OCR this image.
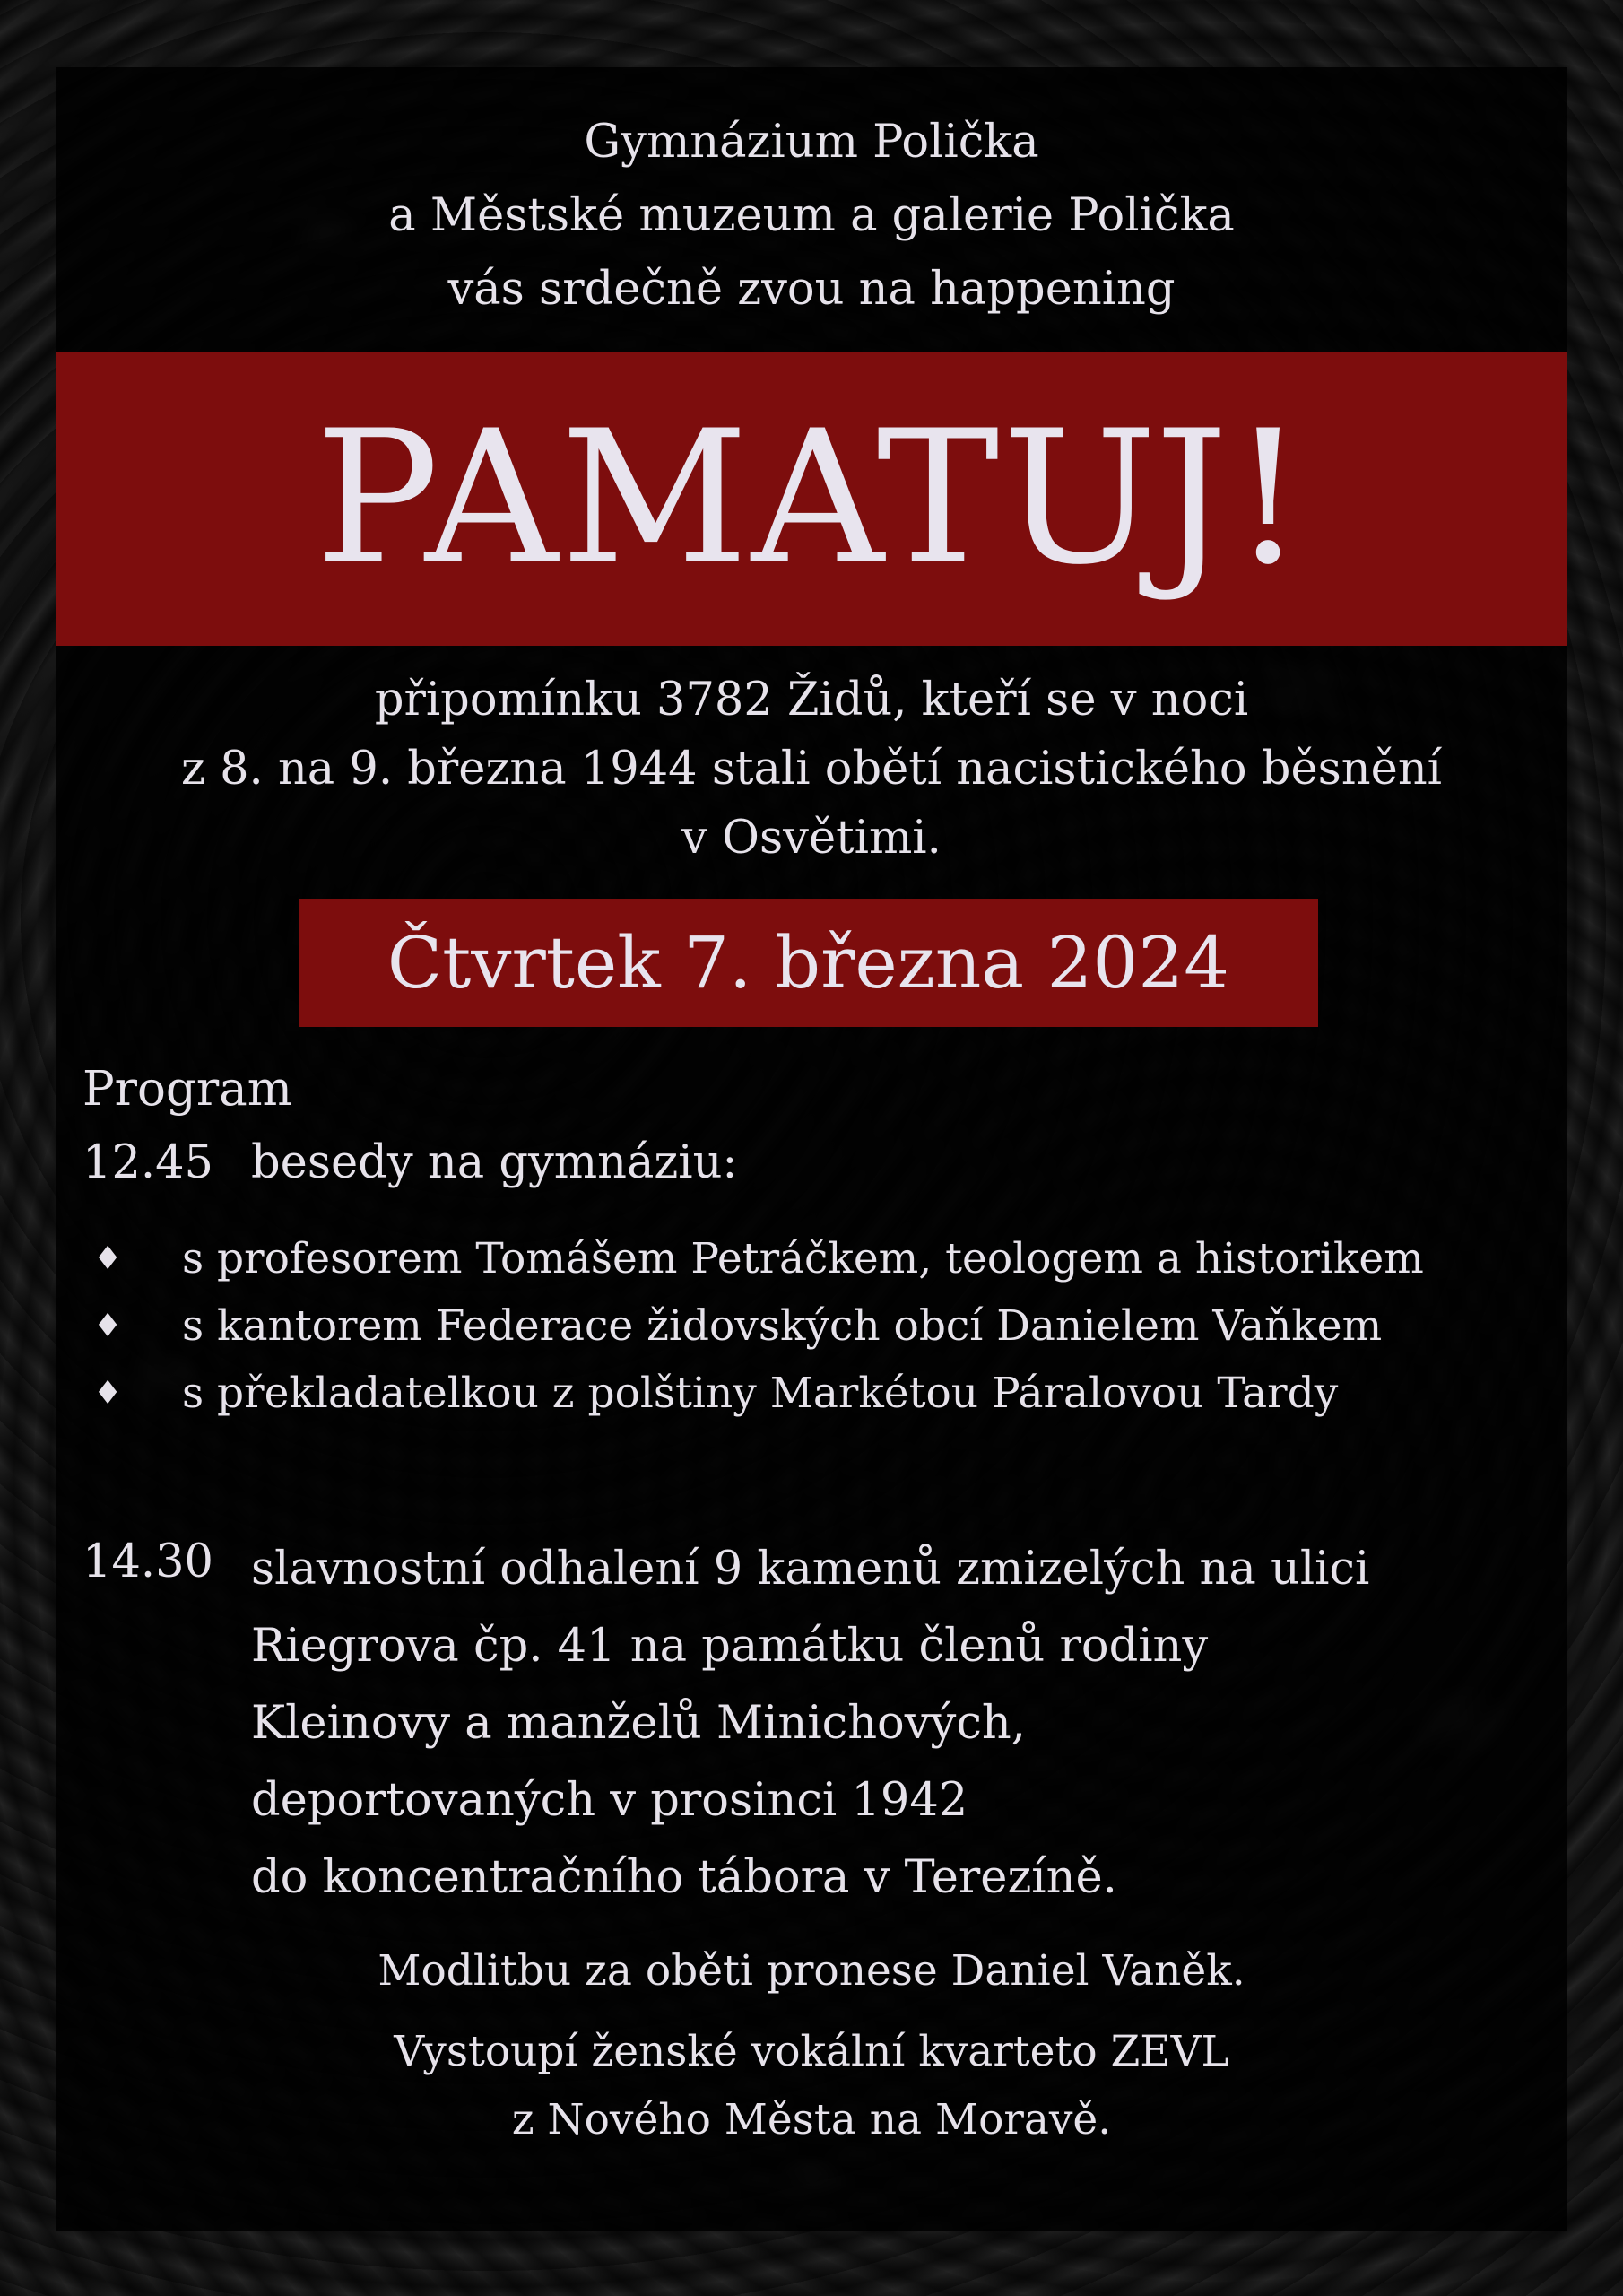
Gymnázium Polička
a Městské muzeum a galerie Polička
vás srdečně zvou na happening
PAMATUJ!
připomínku 3782 Židů, kteří se v noci
z 8. na 9. března 1944 stali obětí nacistického běsnění
v Osvětimi.
Čtvrtek 7. března 2024
Program
12.45 besedy na gymnáziu:
♦ s profesorem Tomášem Petráčkem, teologem a historikem
♦ s kantorem Federace židovských obcí Danielem Vaňkem
♦ s překladatelkou z polštiny Markétou Páralovou Tardy
14.30 slavnostní odhalení 9 kamenů zmizelých na ulici
Riegrova čp. 41 na památku členů rodiny
Kleinovy a manželů Minichových,
deportovaných v prosinci 1942
do koncentračního tábora v Terezíně.
Modlitbu za oběti pronese Daniel Vaněk.
Vystoupí ženské vokální kvarteto ZEVL
z Nového Města na Moravě.
